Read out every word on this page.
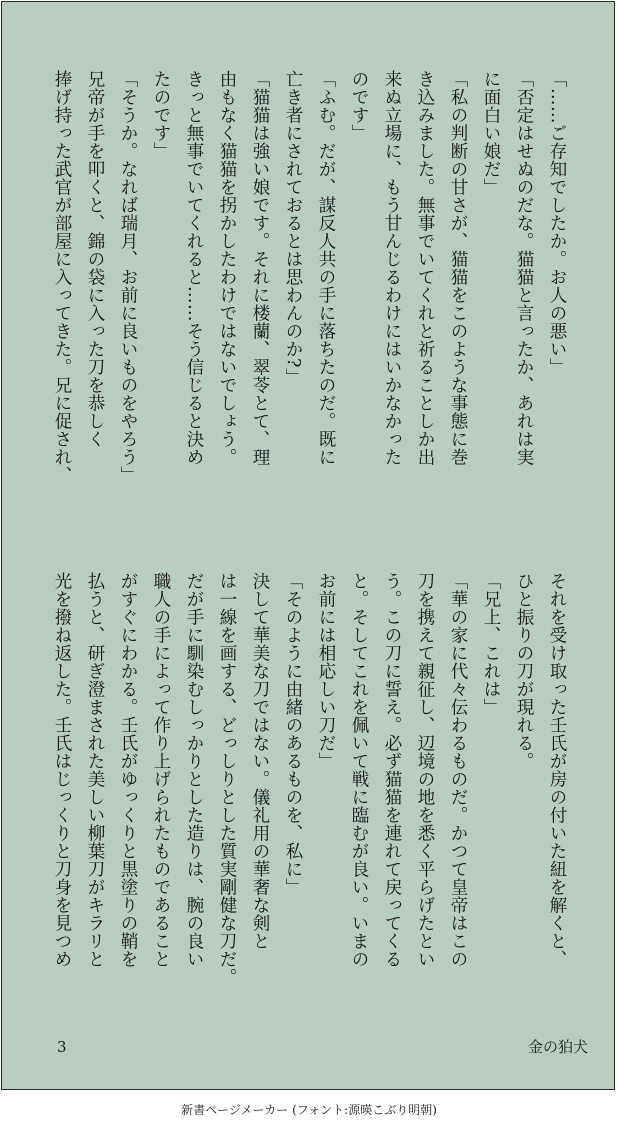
「……ご存知でしたか。お人の悪い」
「否定はせぬのだな。猫猫と言ったか、あれは実
に面白い娘だ」
「私の判断の甘さが、猫猫をこのような事態に巻
き込みました。無事でいてくれと祈ることしか出
来ぬ立場に、もう甘んじるわけにはいかなかった
のです」
「ふむ。だが、謀反人共の手に落ちたのだ。既に
亡き者にされておるとは思わんのか?」
「猫猫は強い娘です。それに楼蘭、翠苓とて、理
由もなく猫猫を拐かしたわけではないでしょう。
きっと無事でいてくれると……そう信じると決め
たのです」
「そうか。なれば瑞月、お前に良いものをやろう」
兄帝が手を叩くと、錦の袋に入った刀を恭しく
捧げ持った武官が部屋に入ってきた。兄に促され、
それを受け取った壬氏が房の付いた紐を解くと、
ひと振りの刀が現れる。
「兄上、これは」
「華の家に代々伝わるものだ。かつて皇帝はこの
刀を携えて親征し、辺境の地を悉く平らげたとい
う。この刀に誓え。必ず猫猫を連れて戻ってくる
と。そしてこれを佩いて戦に臨むが良い。いまの
お前には相応しい刀だ」
「そのように由緒のあるものを、私に」
決して華美な刀ではない。儀礼用の華奢な剣と
は一線を画する、どっしりとした質実剛健な刀だ。
だが手に馴染むしっかりとした造りは、腕の良い
職人の手によって作り上げられたものであること
がすぐにわかる。壬氏がゆっくりと黒塗りの鞘を
払うと、研ぎ澄まされた美しい柳葉刀がキラリと
光を撥ね返した。壬氏はじっくりと刀身を見つめ
3	金の狛犬
新書ページメーカー (フォント:源暎こぶり明朝)
